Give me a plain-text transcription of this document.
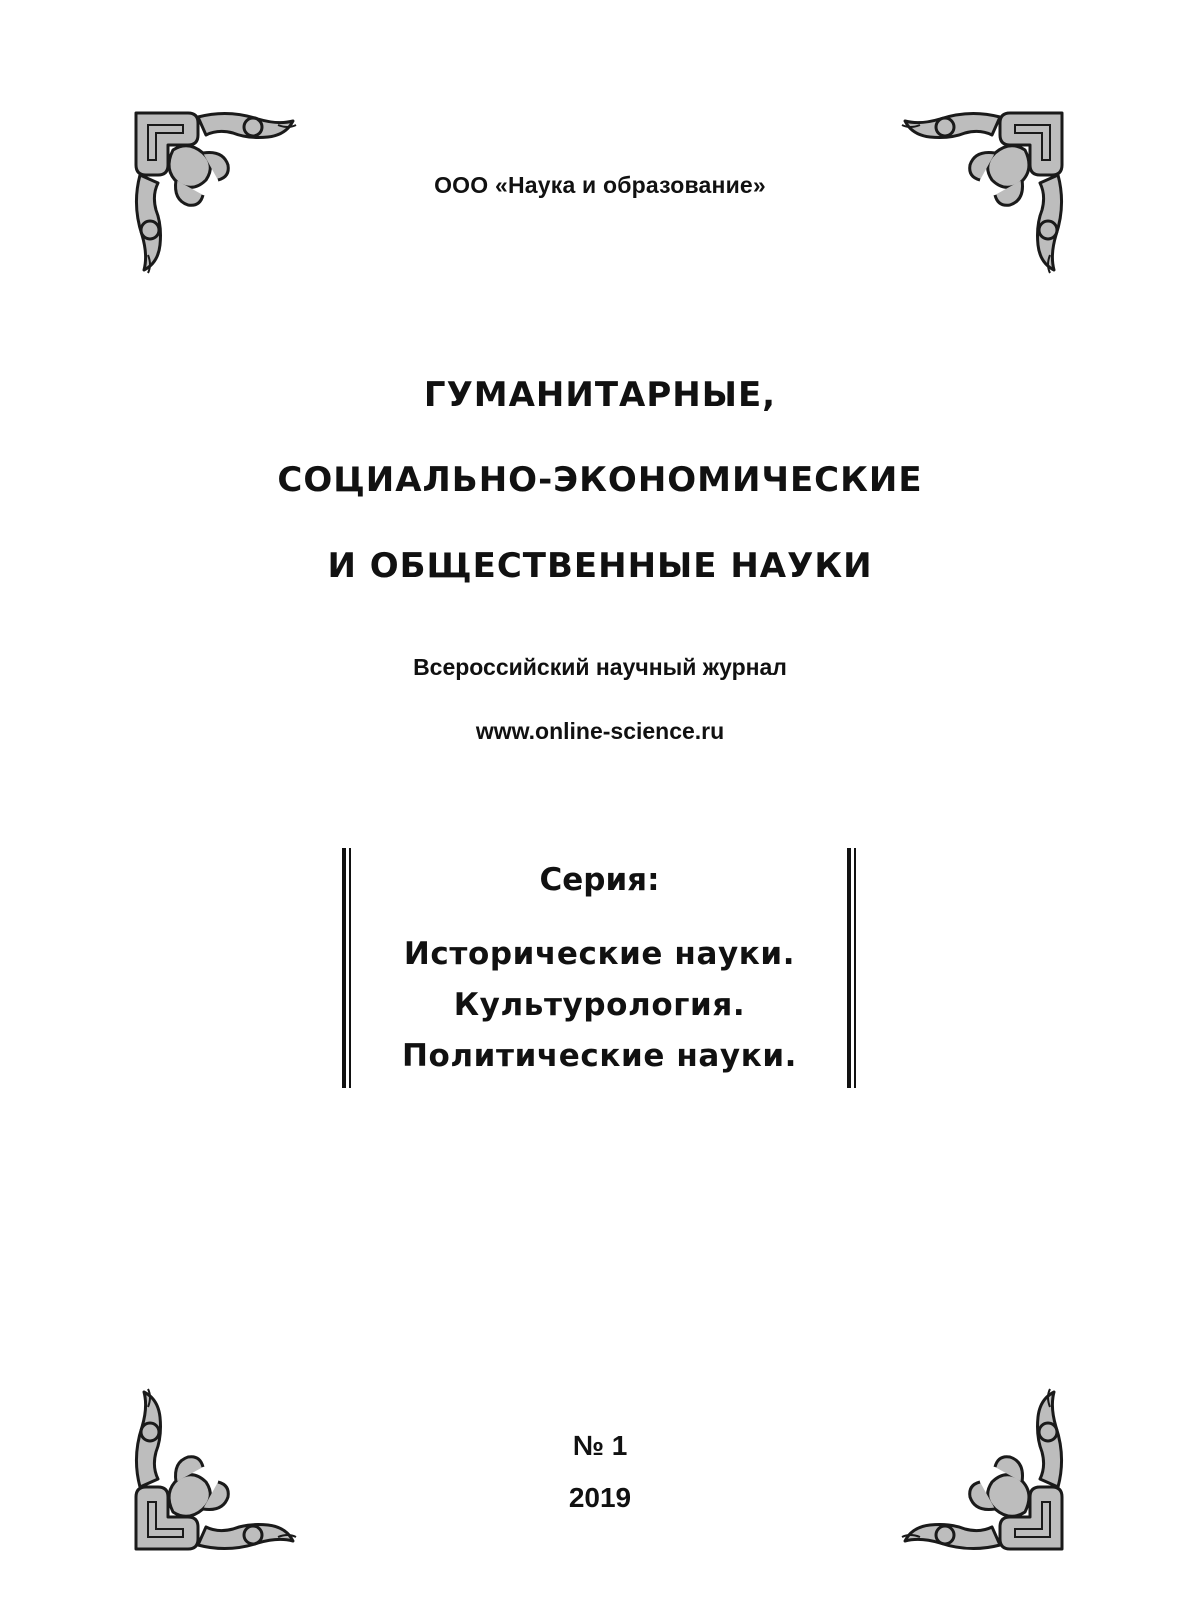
ООО «Наука и образование»
ГУМАНИТАРНЫЕ,
СОЦИАЛЬНО-ЭКОНОМИЧЕСКИЕ
И ОБЩЕСТВЕННЫЕ НАУКИ
Всероссийский научный журнал
www.online-science.ru
Серия:
Исторические науки.
Культурология.
Политические науки.
№ 1
2019
